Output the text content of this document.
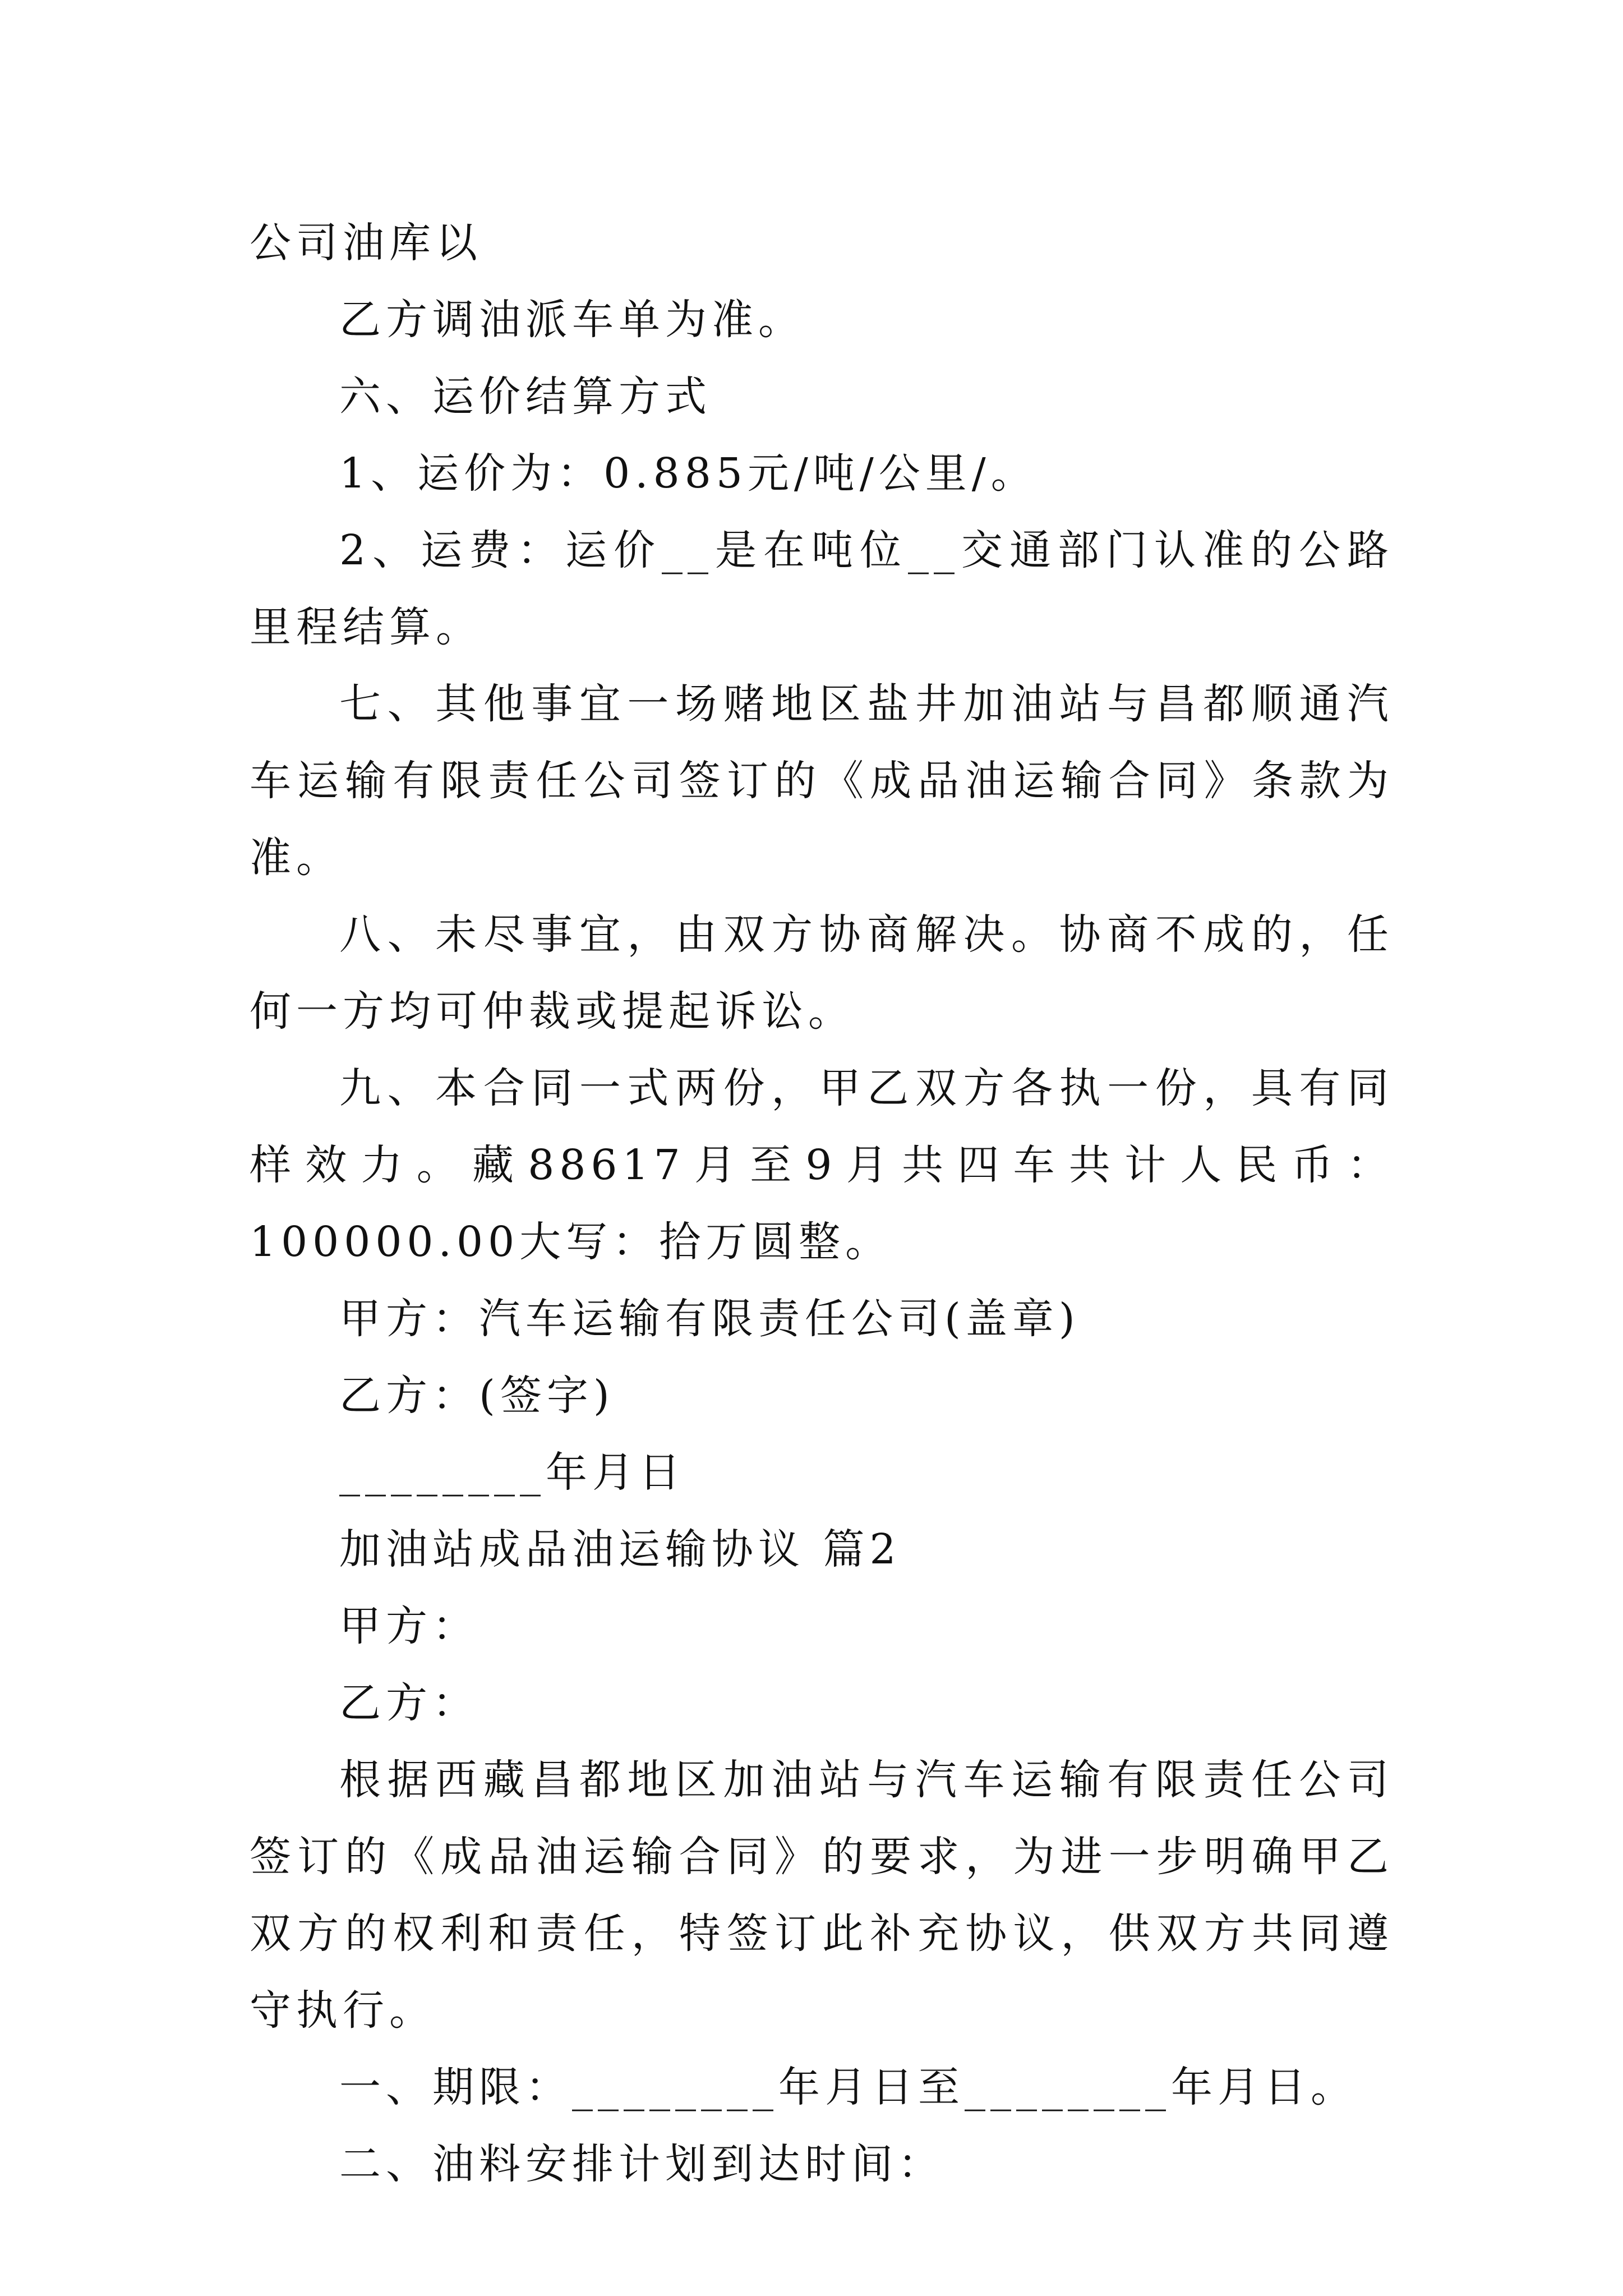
公司油库以

乙方调油派车单为准。

六、运价结算方式

1、运价为：0.885元/吨/公里/。

2、运费：运价__是在吨位__交通部门认准的公路里程结算。

七、其他事宜一场赌地区盐井加油站与昌都顺通汽车运输有限责任公司签订的《成品油运输合同》条款为准。

八、未尽事宜，由双方协商解决。协商不成的，任何一方均可仲裁或提起诉讼。

九、本合同一式两份，甲乙双方各执一份，具有同样效力。藏88617月至9月共四车共计人民币：100000.00大写：拾万圆整。

甲方：汽车运输有限责任公司(盖章)

乙方：(签字)

________年月日

加油站成品油运输协议 篇2

甲方：

乙方：

根据西藏昌都地区加油站与汽车运输有限责任公司签订的《成品油运输合同》的要求，为进一步明确甲乙双方的权利和责任，特签订此补充协议，供双方共同遵守执行。

一、期限：________年月日至________年月日。

二、油料安排计划到达时间：
